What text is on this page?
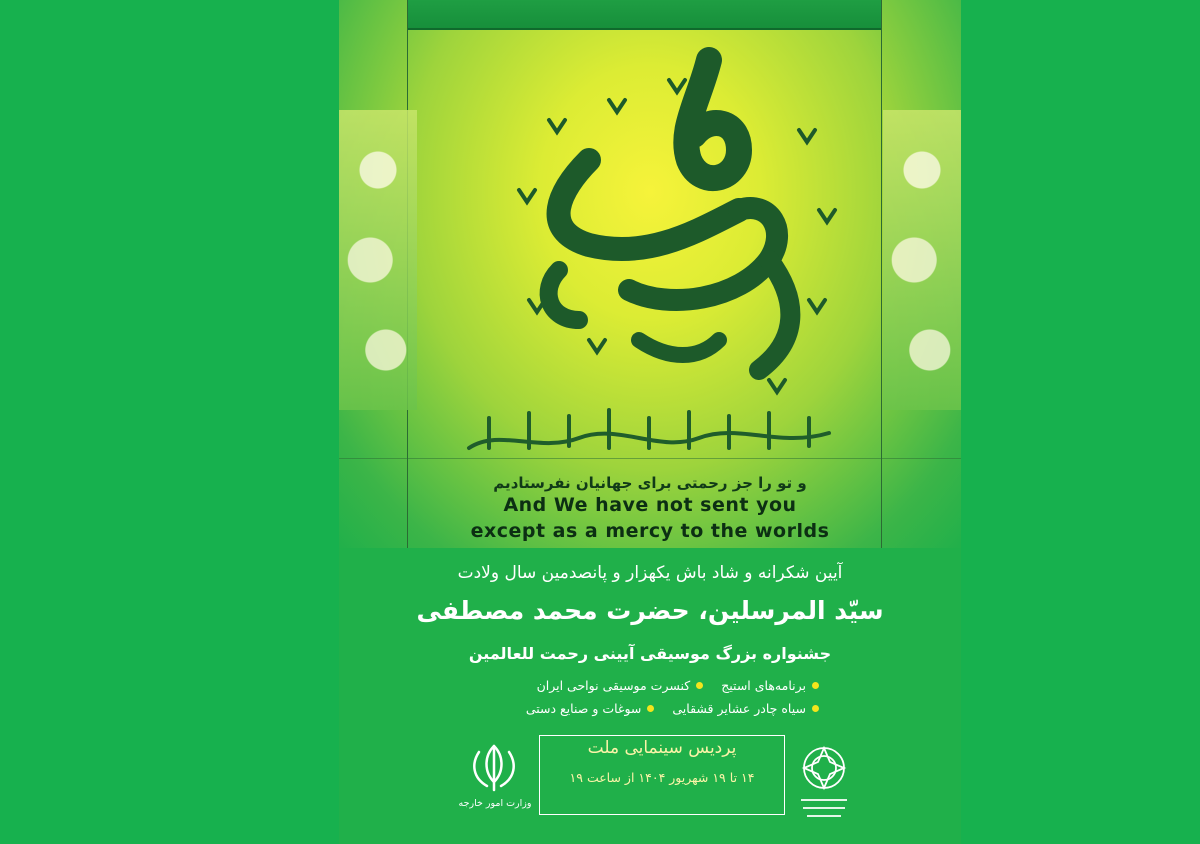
و تو را جز رحمتی برای جهانیان نفرستادیم
And We have not sent you
except as a mercy to the worlds
آیین شکرانه و شاد باش یکهزار و پانصدمین سال ولادت
سیّد المرسلین، حضرت محمد مصطفی
جشنواره بزرگ موسیقی آیینی رحمت للعالمین
برنامه‌های استیج
کنسرت موسیقی نواحی ایران
سیاه چادر عشایر قشقایی
سوغات و صنایع دستی
پردیس سینمایی ملت
۱۴ تا ۱۹ شهریور ۱۴۰۴ از ساعت ۱۹
وزارت امور خارجه
